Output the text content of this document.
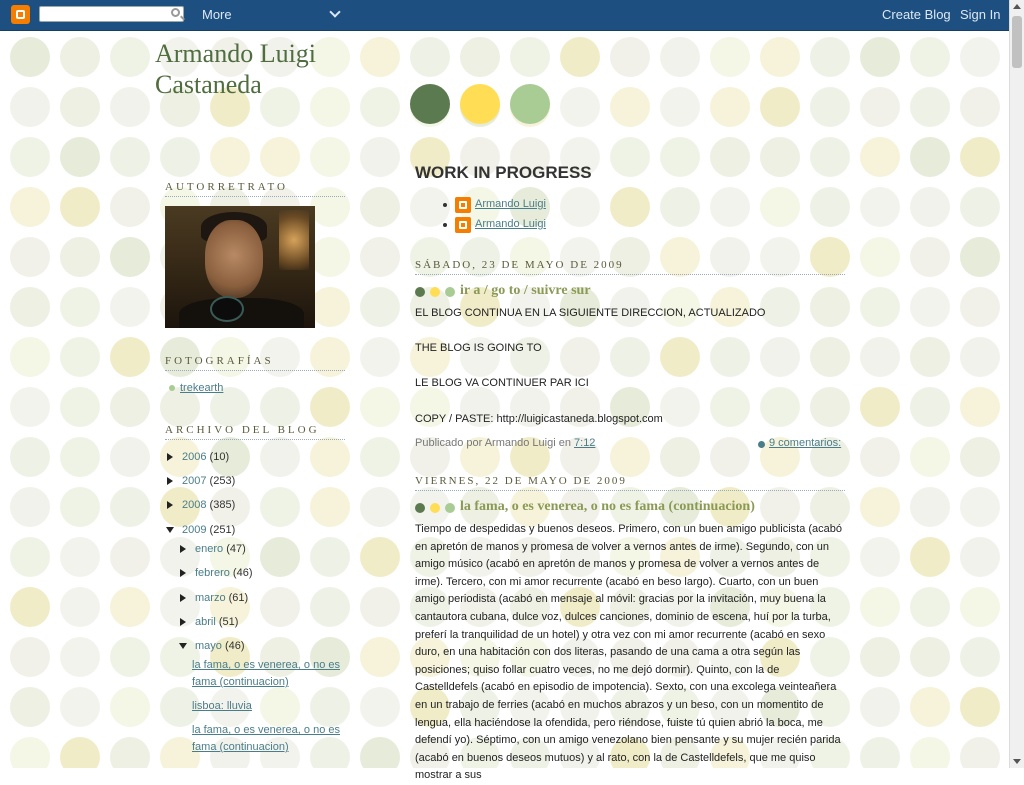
More	Create Blog Sign In
Armando Luigi
Castaneda
AUTORRETRATO
FOTOGRAFÍAS
trekearth
ARCHIVO DEL BLOG
2006 (10)
2007 (253)
2008 (385)
2009 (251)
enero (47)
febrero (46)
marzo (61)
abril (51)
mayo (46)
la fama, o es venerea, o no es fama (continuacion)
lisboa: lluvia
la fama, o es venerea, o no es fama (continuacion)
WORK IN PROGRESS
Armando Luigi
Armando Luigi
SÁBADO, 23 DE MAYO DE 2009
ir a / go to / suivre sur
EL BLOG CONTINUA EN LA SIGUIENTE DIRECCION, ACTUALIZADO
THE BLOG IS GOING TO
LE BLOG VA CONTINUER PAR ICI
COPY / PASTE: http://luigicastaneda.blogspot.com
Publicado por Armando Luigi en 7:12	9 comentarios:
VIERNES, 22 DE MAYO DE 2009
la fama, o es venerea, o no es fama (continuacion)
Tiempo de despedidas y buenos deseos. Primero, con un buen amigo publicista (acabó en apretón de manos y promesa de volver a vernos antes de irme). Segundo, con un amigo músico (acabó en apretón de manos y promesa de volver a vernos antes de irme). Tercero, con mi amor recurrente (acabó en beso largo). Cuarto, con un buen amigo periodista (acabó en mensaje al móvil: gracias por la invitación, muy buena la cantautora cubana, dulce voz, dulces canciones, dominio de escena, huí por la turba, preferí la tranquilidad de un hotel) y otra vez con mi amor recurrente (acabó en sexo duro, en una habitación con dos literas, pasando de una cama a otra según las posiciones; quiso follar cuatro veces, no me dejó dormir). Quinto, con la de Castelldefels (acabó en episodio de impotencia). Sexto, con una excolega veinteañera en un trabajo de ferries (acabó en muchos abrazos y un beso, con un momentito de lengua, ella haciéndose la ofendida, pero riéndose, fuiste tú quien abrió la boca, me defendí yo). Séptimo, con un amigo venezolano bien pensante y su mujer recién parida (acabó en buenos deseos mutuos) y al rato, con la de Castelldefels, que me quiso mostrar a sus
